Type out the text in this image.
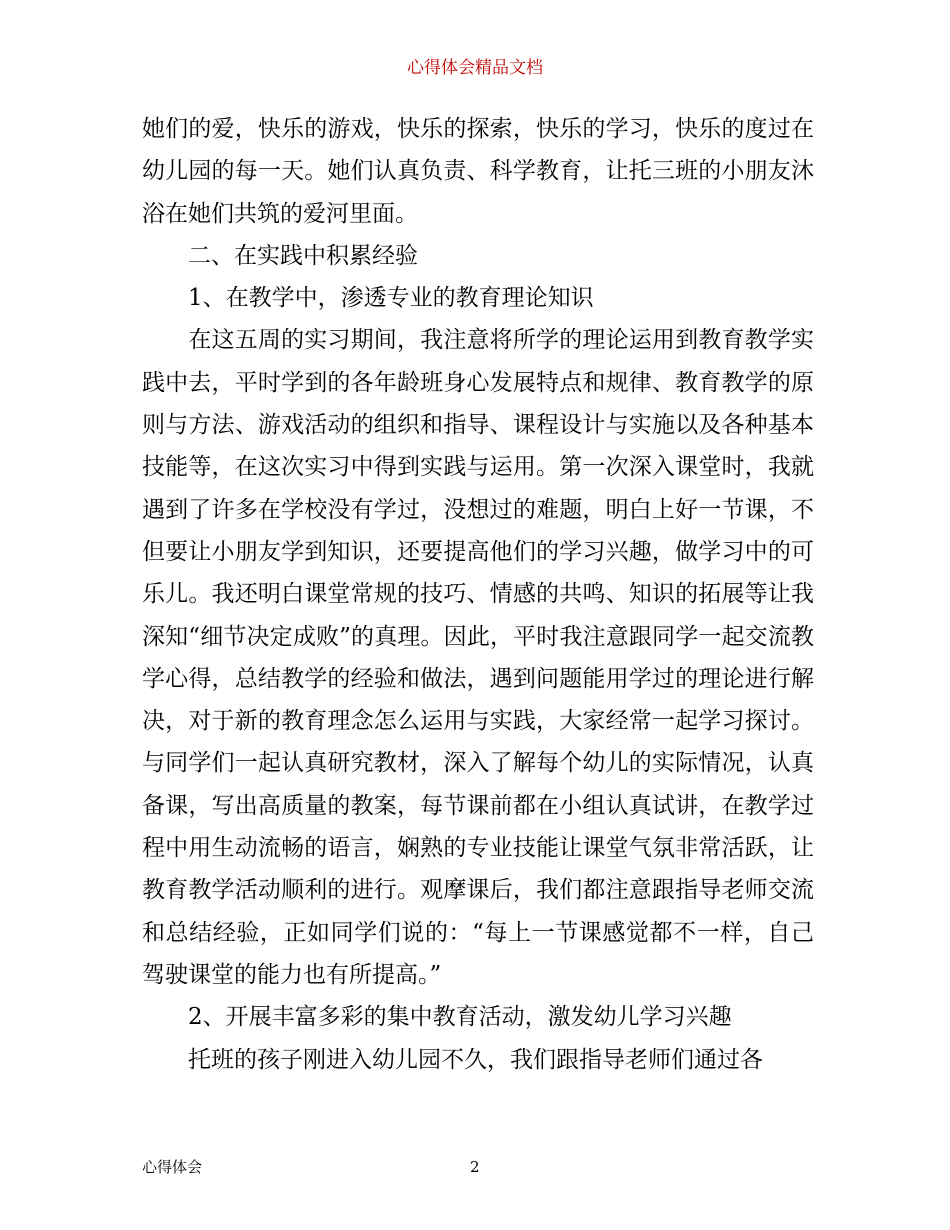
心得体会精品文档

她们的爱，快乐的游戏，快乐的探索，快乐的学习，快乐的度过在幼儿园的每一天。她们认真负责、科学教育，让托三班的小朋友沐浴在她们共筑的爱河里面。

　　二、在实践中积累经验

　　1、在教学中，渗透专业的教育理论知识

　　在这五周的实习期间，我注意将所学的理论运用到教育教学实践中去，平时学到的各年龄班身心发展特点和规律、教育教学的原则与方法、游戏活动的组织和指导、课程设计与实施以及各种基本技能等，在这次实习中得到实践与运用。第一次深入课堂时，我就遇到了许多在学校没有学过，没想过的难题，明白上好一节课，不但要让小朋友学到知识，还要提高他们的学习兴趣，做学习中的可乐儿。我还明白课堂常规的技巧、情感的共鸣、知识的拓展等让我深知“细节决定成败”的真理。因此，平时我注意跟同学一起交流教学心得，总结教学的经验和做法，遇到问题能用学过的理论进行解决，对于新的教育理念怎么运用与实践，大家经常一起学习探讨。与同学们一起认真研究教材，深入了解每个幼儿的实际情况，认真备课，写出高质量的教案，每节课前都在小组认真试讲，在教学过程中用生动流畅的语言，娴熟的专业技能让课堂气氛非常活跃，让教育教学活动顺利的进行。观摩课后，我们都注意跟指导老师交流和总结经验，正如同学们说的：“每上一节课感觉都不一样，自己驾驶课堂的能力也有所提高。”

　　2、开展丰富多彩的集中教育活动，激发幼儿学习兴趣

　　托班的孩子刚进入幼儿园不久，我们跟指导老师们通过各

心得体会	2
